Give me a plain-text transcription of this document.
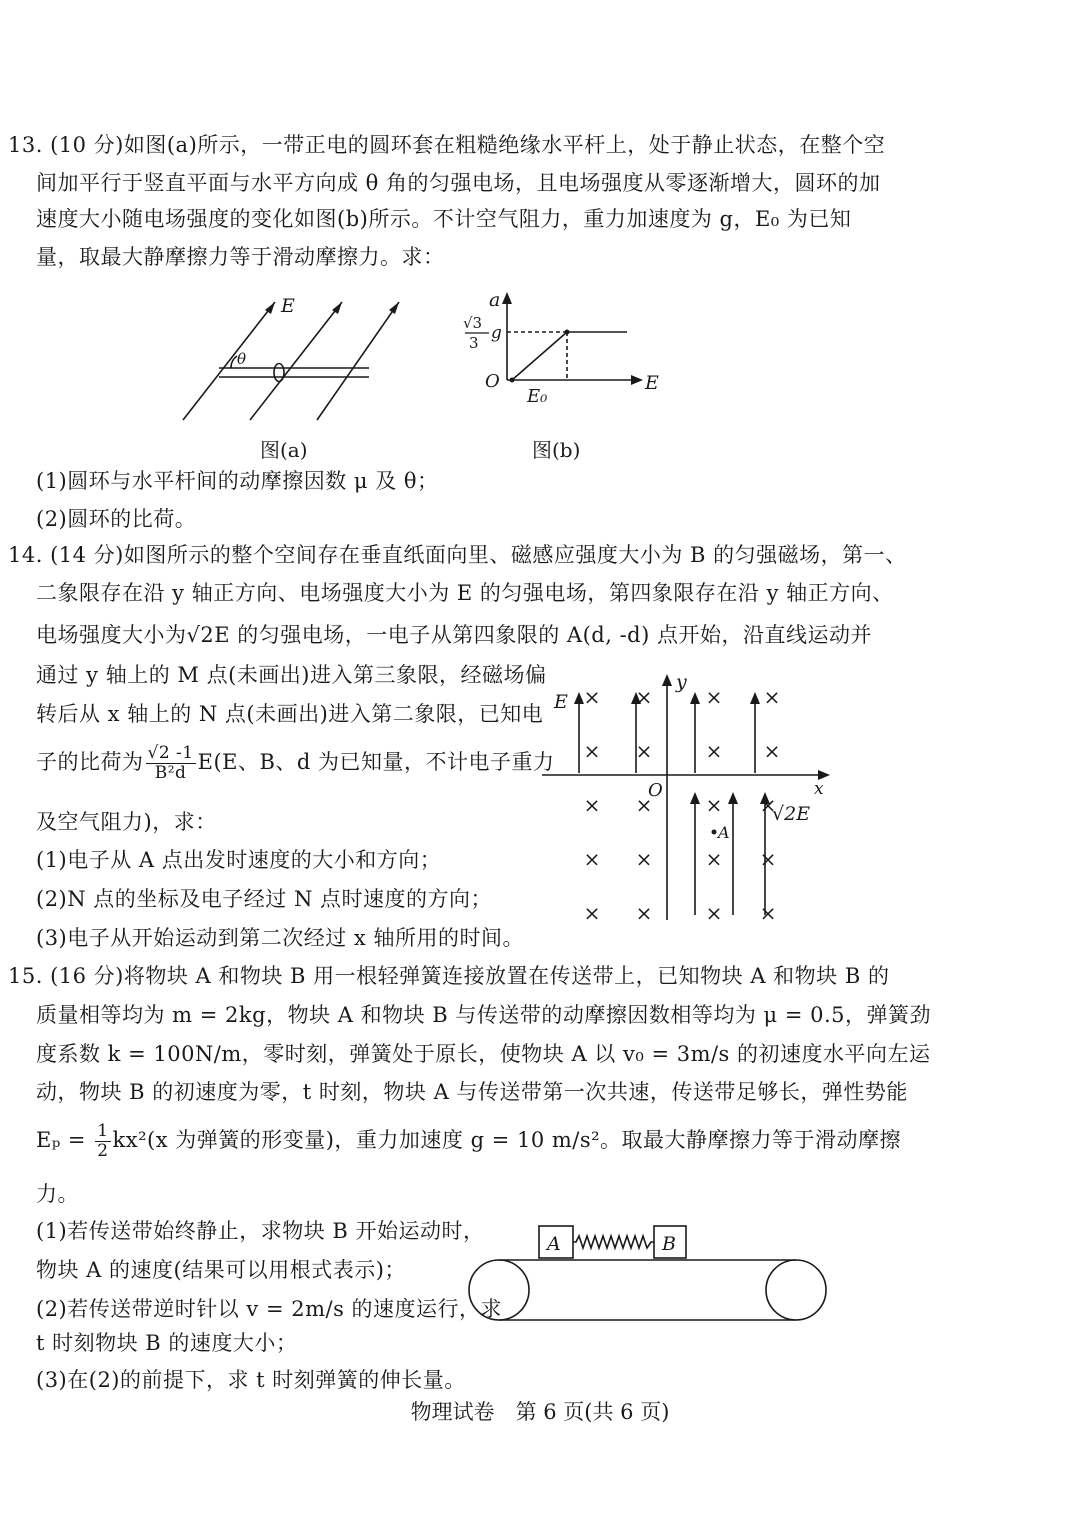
13. (10 分)如图(a)所示，一带正电的圆环套在粗糙绝缘水平杆上，处于静止状态，在整个空
间加平行于竖直平面与水平方向成 θ 角的匀强电场，且电场强度从零逐渐增大，圆环的加
速度大小随电场强度的变化如图(b)所示。不计空气阻力，重力加速度为 g，E₀ 为已知
量，取最大静摩擦力等于滑动摩擦力。求：
E
θ
图(a)
a
E
O
E₀
√3
3 g
图(b)
(1)圆环与水平杆间的动摩擦因数 μ 及 θ；
(2)圆环的比荷。
14. (14 分)如图所示的整个空间存在垂直纸面向里、磁感应强度大小为 B 的匀强磁场，第一、
二象限存在沿 y 轴正方向、电场强度大小为 E 的匀强电场，第四象限存在沿 y 轴正方向、
电场强度大小为√2E 的匀强电场，一电子从第四象限的 A(d, -d) 点开始，沿直线运动并
通过 y 轴上的 M 点(未画出)进入第三象限，经磁场偏
转后从 x 轴上的 N 点(未画出)进入第二象限，已知电
子的比荷为 $\frac{√2 -1}{\text{B²d}} E(E$、B、d 为已知量，不计电子重力
及空气阻力)，求：
(1)电子从 A 点出发时速度的大小和方向；
(2)N 点的坐标及电子经过 N 点时速度的方向；
(3)电子从开始运动到第二次经过 x 轴所用的时间。
× ×	× ×
× ×	× ×
× ×	× ×
× ×	× ×
× ×	× ×
E
y
x
O
A
√2E
15. (16 分)将物块 A 和物块 B 用一根轻弹簧连接放置在传送带上，已知物块 A 和物块 B 的
质量相等均为 m = 2kg，物块 A 和物块 B 与传送带的动摩擦因数相等均为 μ = 0.5，弹簧劲
度系数 k = 100N/m，零时刻，弹簧处于原长，使物块 A 以 v₀ = 3m/s 的初速度水平向左运
动，物块 B 的初速度为零，t 时刻，物块 A 与传送带第一次共速，传送带足够长，弹性势能
$E_p = \frac{1}{2} kx^2(x$ 为弹簧的形变量)，重力加速度 g = 10 m/s²。取最大静摩擦力等于滑动摩擦
力。
(1)若传送带始终静止，求物块 B 开始运动时，
物块 A 的速度(结果可以用根式表示)；
(2)若传送带逆时针以 v = 2m/s 的速度运行，求
t 时刻物块 B 的速度大小；
(3)在(2)的前提下，求 t 时刻弹簧的伸长量。
A	B
物理试卷　第 6 页(共 6 页)
